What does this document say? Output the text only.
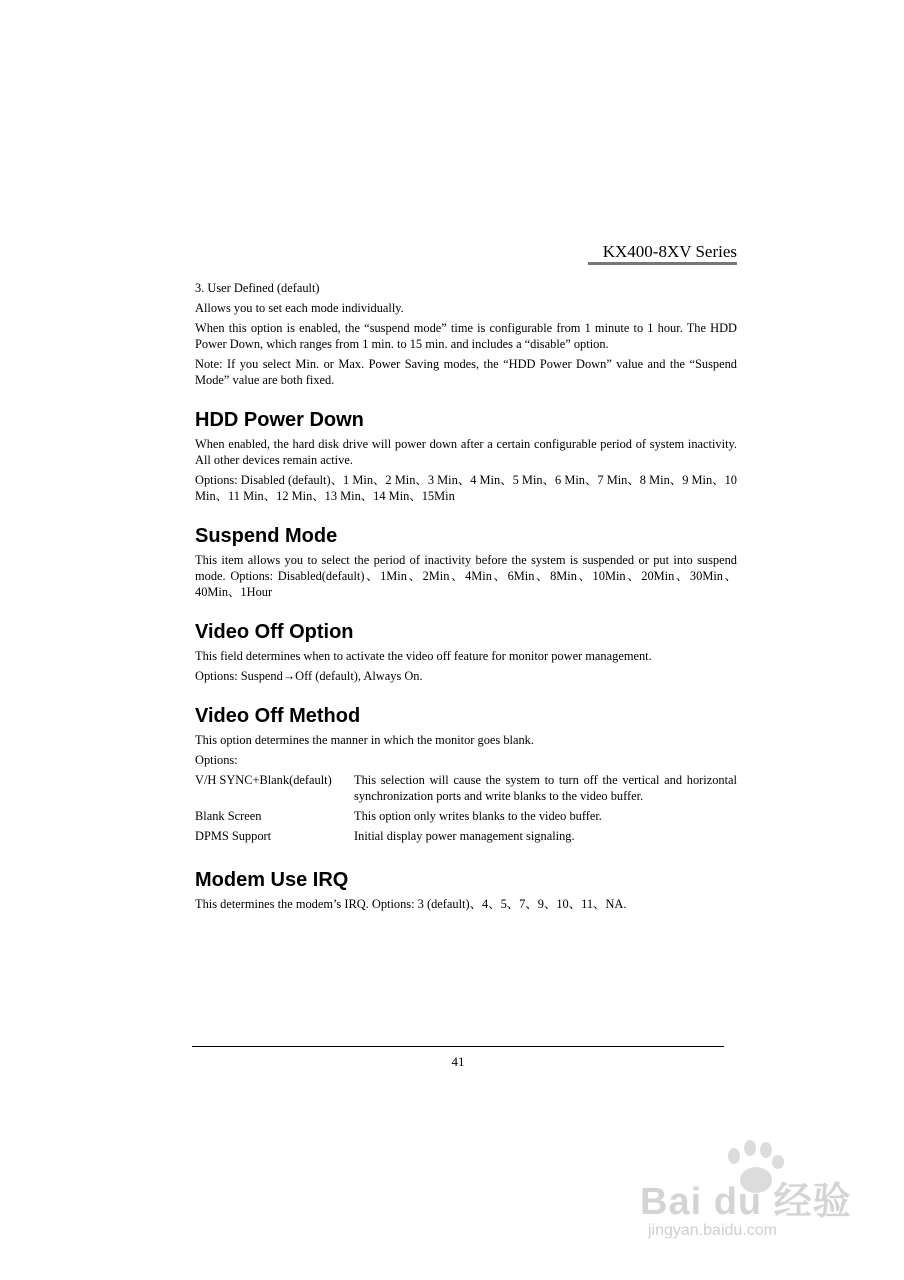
KX400-8XV Series

3. User Defined (default)

Allows you to set each mode individually.

When this option is enabled, the “suspend mode” time is configurable from 1 minute to 1 hour. The HDD Power Down, which ranges from 1 min. to 15 min. and includes a “disable” option.

Note: If you select Min. or Max. Power Saving modes, the “HDD Power Down” value and the “Suspend Mode” value are both fixed.

HDD Power Down

When enabled, the hard disk drive will power down after a certain configurable period of system inactivity. All other devices remain active.

Options: Disabled (default)、1 Min、2 Min、3 Min、4 Min、5 Min、6 Min、7 Min、8 Min、9 Min、10 Min、11 Min、12 Min、13 Min、14 Min、15Min

Suspend Mode

This item allows you to select the period of inactivity before the system is suspended or put into suspend mode. Options: Disabled(default)、1Min、2Min、4Min、6Min、8Min、10Min、20Min、30Min、40Min、1Hour

Video Off Option

This field determines when to activate the video off feature for monitor power management.

Options: Suspend→Off (default), Always On.

Video Off Method

This option determines the manner in which the monitor goes blank.

Options:

V/H SYNC+Blank(default)	This selection will cause the system to turn off the vertical and horizontal synchronization ports and write blanks to the video buffer.
Blank Screen	This option only writes blanks to the video buffer.
DPMS Support	Initial display power management signaling.
Modem Use IRQ

This determines the modem’s IRQ. Options: 3 (default)、4、5、7、9、10、11、NA.

41
Bai du 经验
jingyan.baidu.com
